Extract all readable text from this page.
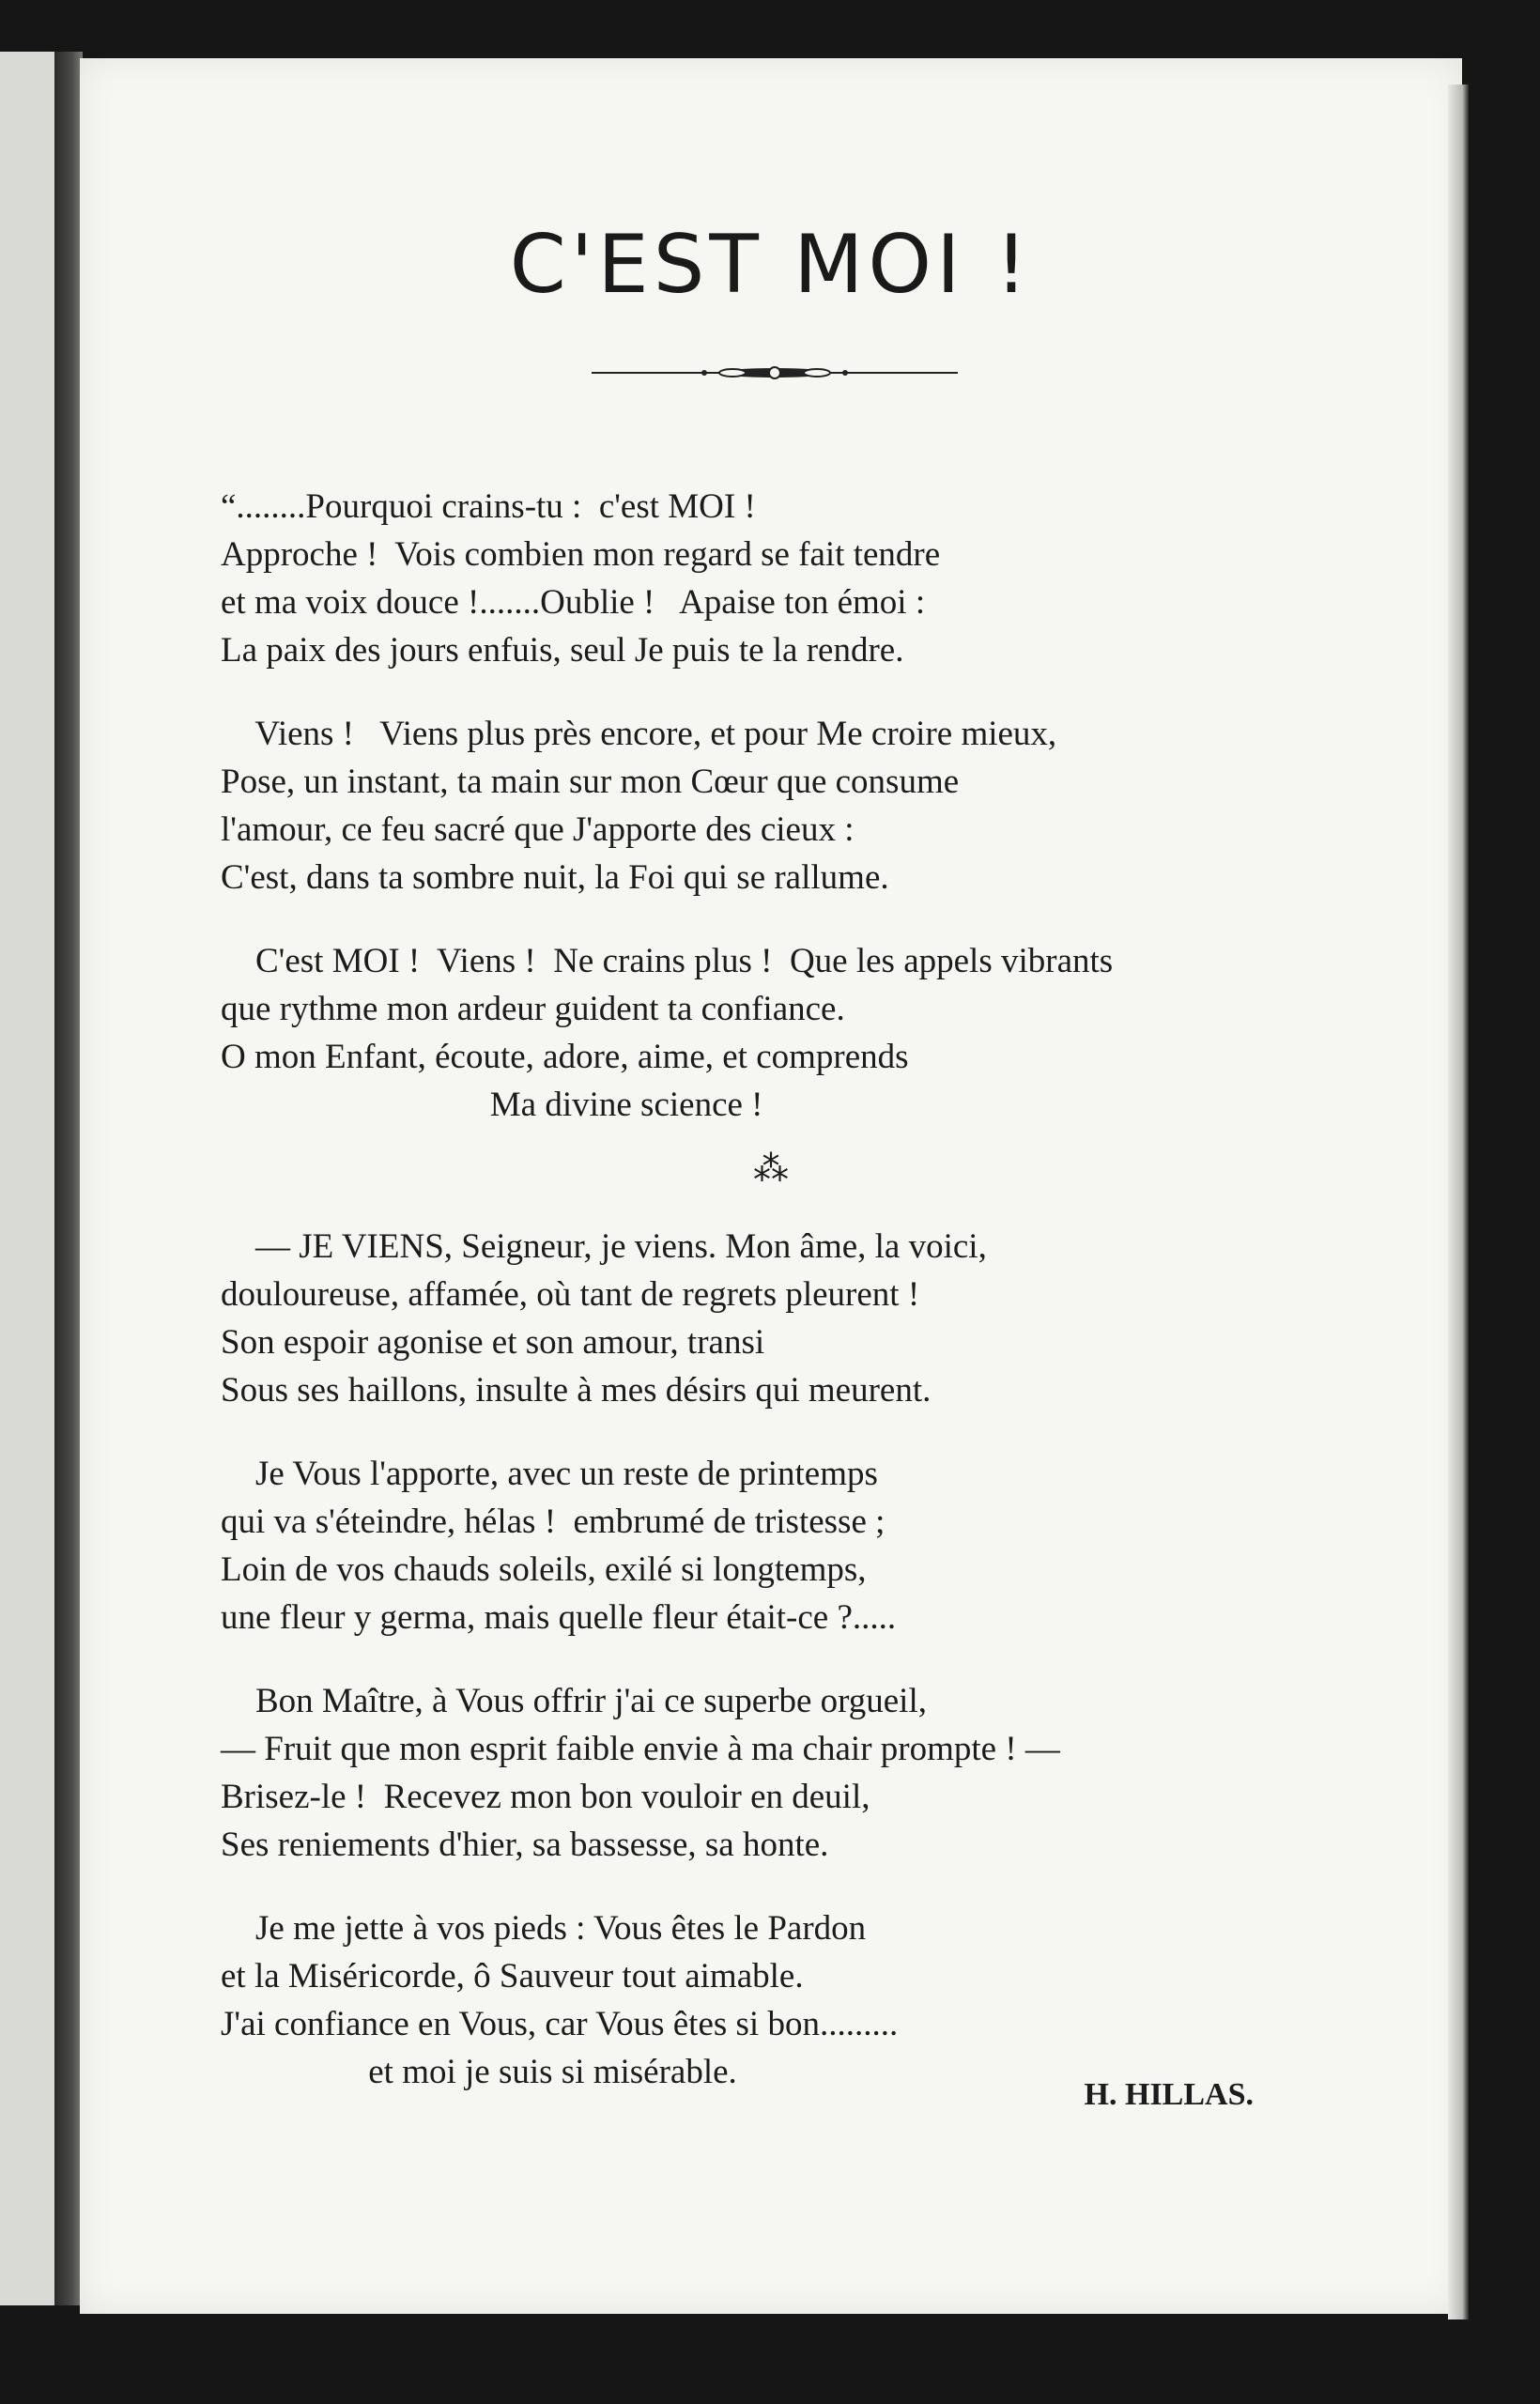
C'EST MOI !
“........Pourquoi crains-tu :  c'est MOI !
Approche !  Vois combien mon regard se fait tendre
et ma voix douce !.......Oublie !   Apaise ton émoi :
La paix des jours enfuis, seul Je puis te la rendre.
Viens !   Viens plus près encore, et pour Me croire mieux,
Pose, un instant, ta main sur mon Cœur que consume
l'amour, ce feu sacré que J'apporte des cieux :
C'est, dans ta sombre nuit, la Foi qui se rallume.
C'est MOI !  Viens !  Ne crains plus !  Que les appels vibrants
que rythme mon ardeur guident ta confiance.
O mon Enfant, écoute, adore, aime, et comprends
Ma divine science !
— JE VIENS, Seigneur, je viens. Mon âme, la voici,
douloureuse, affamée, où tant de regrets pleurent !
Son espoir agonise et son amour, transi
Sous ses haillons, insulte à mes désirs qui meurent.
Je Vous l'apporte, avec un reste de printemps
qui va s'éteindre, hélas !  embrumé de tristesse ;
Loin de vos chauds soleils, exilé si longtemps,
une fleur y germa, mais quelle fleur était-ce ?.....
Bon Maître, à Vous offrir j'ai ce superbe orgueil,
— Fruit que mon esprit faible envie à ma chair prompte ! —
Brisez-le !  Recevez mon bon vouloir en deuil,
Ses reniements d'hier, sa bassesse, sa honte.
Je me jette à vos pieds : Vous êtes le Pardon
et la Miséricorde, ô Sauveur tout aimable.
J'ai confiance en Vous, car Vous êtes si bon.........
et moi je suis si misérable.
⁂
H. HILLAS.
